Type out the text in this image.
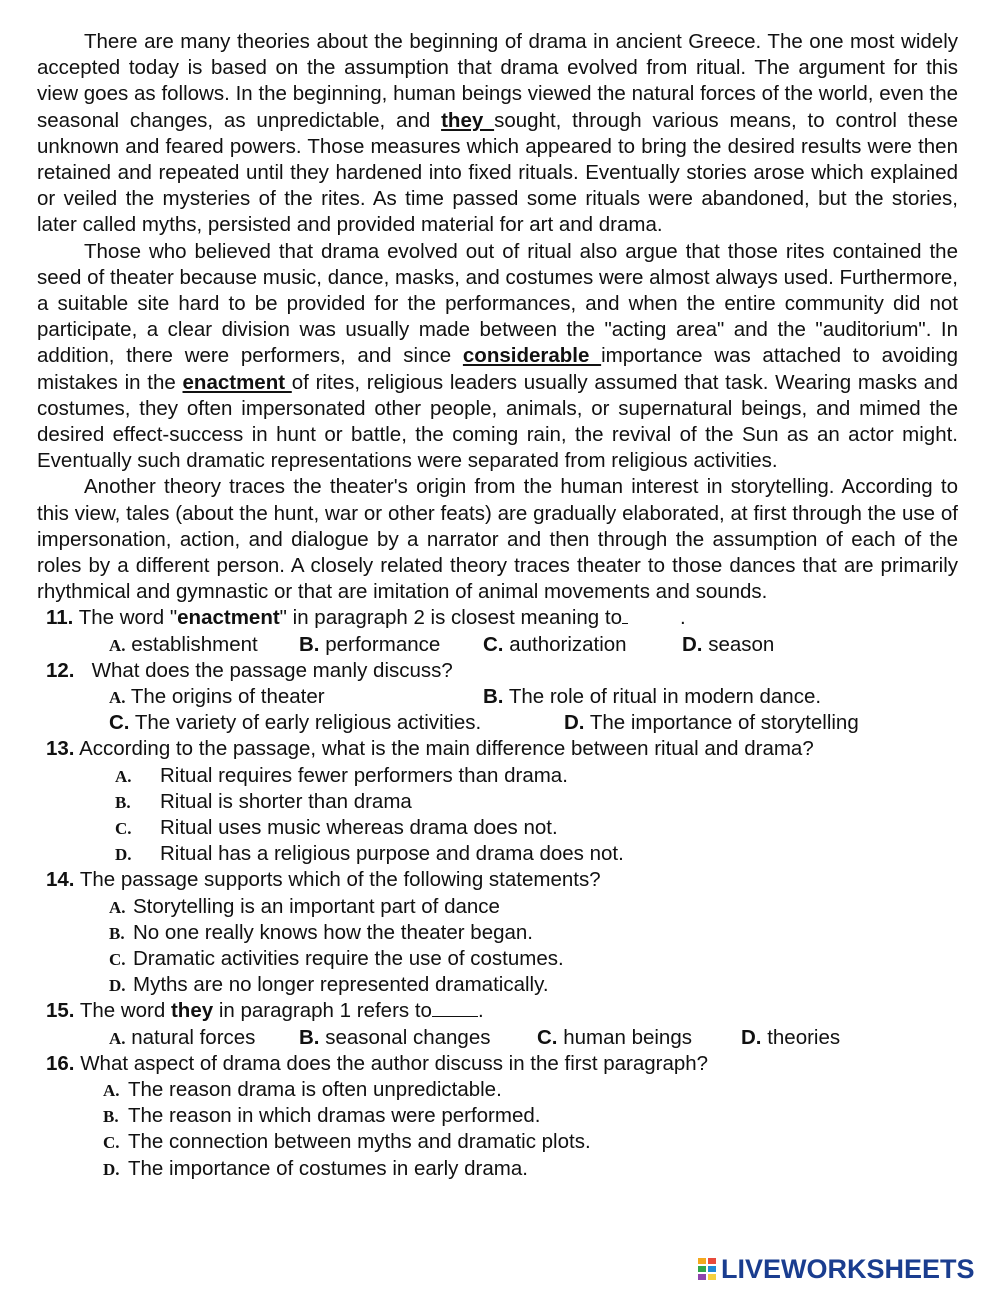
There are many theories about the beginning of drama in ancient Greece. The one most widely accepted today is based on the assumption that drama evolved from ritual. The argument for this view goes as follows. In the beginning, human beings viewed the natural forces of the world, even the seasonal changes, as unpredictable, and they sought, through various means, to control these unknown and feared powers. Those measures which appeared to bring the desired results were then retained and repeated until they hardened into fixed rituals. Eventually stories arose which explained or veiled the mysteries of the rites. As time passed some rituals were abandoned, but the stories, later called myths, persisted and provided material for art and drama.

Those who believed that drama evolved out of ritual also argue that those rites contained the seed of theater because music, dance, masks, and costumes were almost always used. Furthermore, a suitable site hard to be provided for the performances, and when the entire community did not participate, a clear division was usually made between the "acting area" and the "auditorium". In addition, there were performers, and since considerable importance was attached to avoiding mistakes in the enactment of rites, religious leaders usually assumed that task. Wearing masks and costumes, they often impersonated other people, animals, or supernatural beings, and mimed the desired effect-success in hunt or battle, the coming rain, the revival of the Sun as an actor might. Eventually such dramatic representations were separated from religious activities.

Another theory traces the theater's origin from the human interest in storytelling. According to this view, tales (about the hunt, war or other feats) are gradually elaborated, at first through the use of impersonation, action, and dialogue by a narrator and then through the assumption of each of the roles by a different person. A closely related theory traces theater to those dances that are primarily rhythmical and gymnastic or that are imitation of animal movements and sounds.

11. The word "enactment" in paragraph 2 is closest meaning to	.
A. establishment B. performance C. authorization	D. season
12. What does the passage manly discuss?
A. The origins of theater	B. The role of ritual in modern dance.
C. The variety of early religious activities.	D. The importance of storytelling
13. According to the passage, what is the main difference between ritual and drama?
A. Ritual requires fewer performers than drama.
B. Ritual is shorter than drama
C. Ritual uses music whereas drama does not.
D. Ritual has a religious purpose and drama does not.
14. The passage supports which of the following statements?
A. Storytelling is an important part of dance
B. No one really knows how the theater began.
C. Dramatic activities require the use of costumes.
D. Myths are no longer represented dramatically.
15. The word they in paragraph 1 refers to .
A. natural forces B. seasonal changes C. human beings D. theories
16. What aspect of drama does the author discuss in the first paragraph?
A. The reason drama is often unpredictable.
B. The reason in which dramas were performed.
C. The connection between myths and dramatic plots.
D. The importance of costumes in early drama.
LIVEWORKSHEETS
